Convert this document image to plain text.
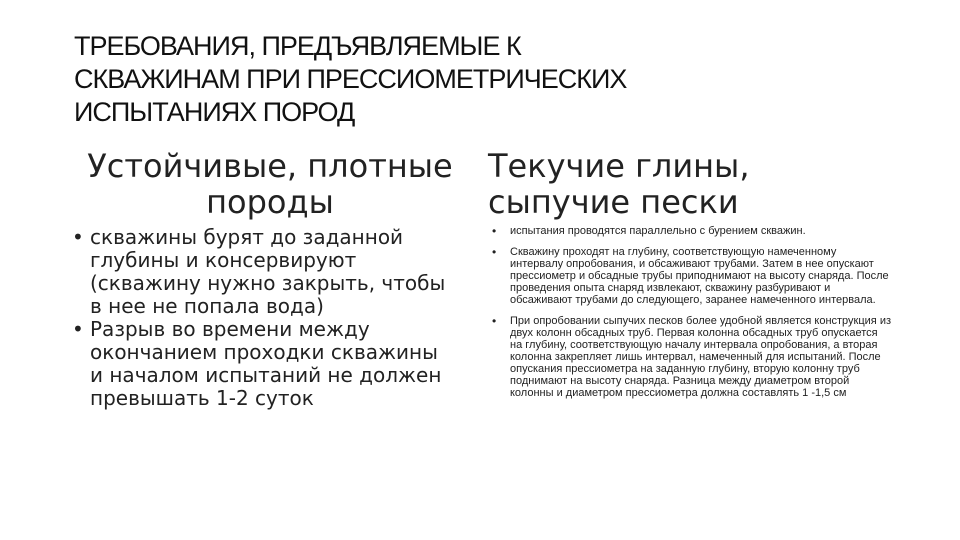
ТРЕБОВАНИЯ, ПРЕДЪЯВЛЯЕМЫЕ К
СКВАЖИНАМ ПРИ ПРЕССИОМЕТРИЧЕСКИХ
ИСПЫТАНИЯХ ПОРОД
Устойчивые, плотные
породы
Текучие глины,
сыпучие пески
• скважины бурят до заданной глубины и консервируют (скважину нужно закрыть, чтобы в нее не попала вода)
• Разрыв во времени между окончанием проходки скважины и началом испытаний не должен превышать 1-2 суток
• испытания проводятся параллельно с бурением скважин.
• Скважину проходят на глубину, соответствующую намеченному интервалу опробования, и обсаживают трубами. Затем в нее опускают прессиометр и обсадные трубы приподнимают на высоту снаряда. После проведения опыта снаряд извлекают, скважину разбуривают и обсаживают трубами до следующего, заранее намеченного интервала.
• При опробовании сыпучих песков более удобной является конструкция из двух колонн обсадных труб. Первая колонна обсадных труб опускается на глубину, соответствующую началу интервала опробования, а вторая колонна закрепляет лишь интервал, намеченный для испытаний. После опускания прессиометра на заданную глубину, вторую колонну труб поднимают на высоту снаряда. Разница между диаметром второй колонны и диаметром прессиометра должна составлять 1 -1,5 см
